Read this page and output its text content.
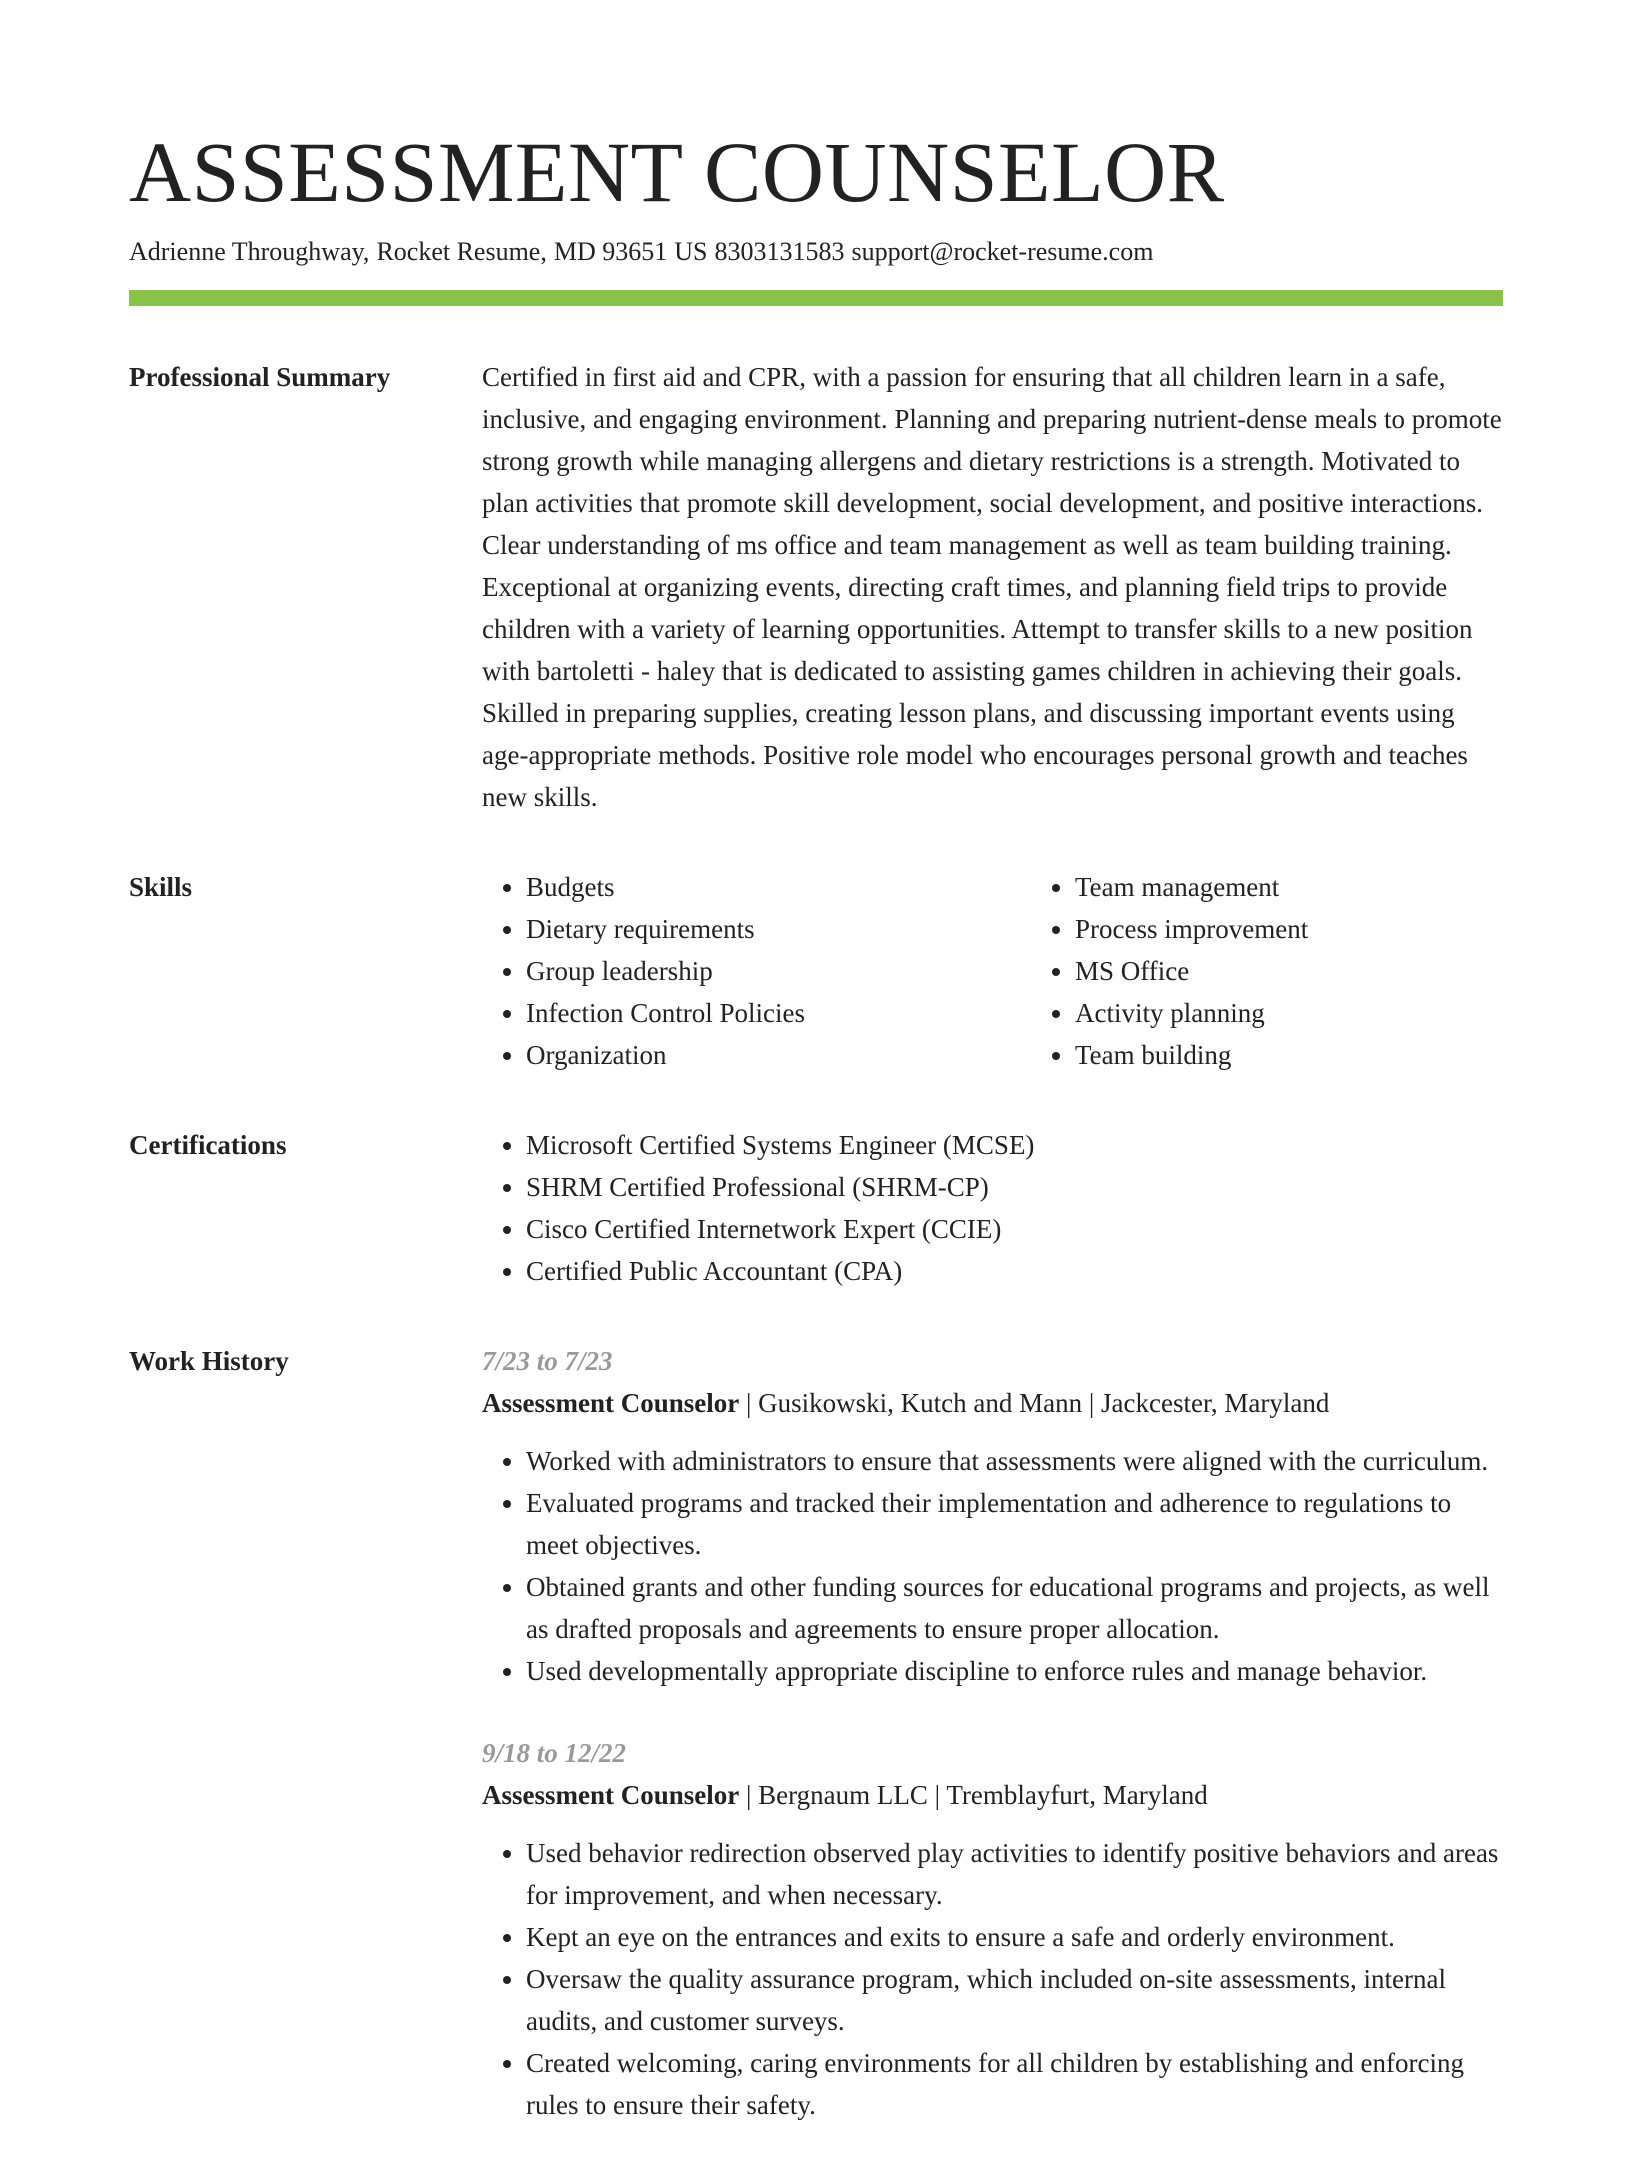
ASSESSMENT COUNSELOR
Adrienne Throughway, Rocket Resume, MD 93651 US 8303131583 support@rocket-resume.com
Professional Summary	Certified in first aid and CPR, with a passion for ensuring that all children learn in a safe, inclusive, and engaging environment. Planning and preparing nutrient-dense meals to promote strong growth while managing allergens and dietary restrictions is a strength. Motivated to plan activities that promote skill development, social development, and positive interactions. Clear understanding of ms office and team management as well as team building training. Exceptional at organizing events, directing craft times, and planning field trips to provide children with a variety of learning opportunities. Attempt to transfer skills to a new position with bartoletti - haley that is dedicated to assisting games children in achieving their goals. Skilled in preparing supplies, creating lesson plans, and discussing important events using age-appropriate methods. Positive role model who encourages personal growth and teaches new skills.

Skills	• Budgets
• Dietary requirements
• Group leadership
• Infection Control Policies
• Organization
• Team management
• Process improvement
• MS Office
• Activity planning
• Team building
Certifications	• Microsoft Certified Systems Engineer (MCSE)
• SHRM Certified Professional (SHRM-CP)
• Cisco Certified Internetwork Expert (CCIE)
• Certified Public Accountant (CPA)
Work History	7/23 to 7/23
Assessment Counselor | Gusikowski, Kutch and Mann | Jackcester, Maryland
• Worked with administrators to ensure that assessments were aligned with the curriculum.
• Evaluated programs and tracked their implementation and adherence to regulations to meet objectives.
• Obtained grants and other funding sources for educational programs and projects, as well as drafted proposals and agreements to ensure proper allocation.
• Used developmentally appropriate discipline to enforce rules and manage behavior.
9/18 to 12/22
Assessment Counselor | Bergnaum LLC | Tremblayfurt, Maryland
• Used behavior redirection observed play activities to identify positive behaviors and areas for improvement, and when necessary.
• Kept an eye on the entrances and exits to ensure a safe and orderly environment.
• Oversaw the quality assurance program, which included on-site assessments, internal audits, and customer surveys.
• Created welcoming, caring environments for all children by establishing and enforcing rules to ensure their safety.
